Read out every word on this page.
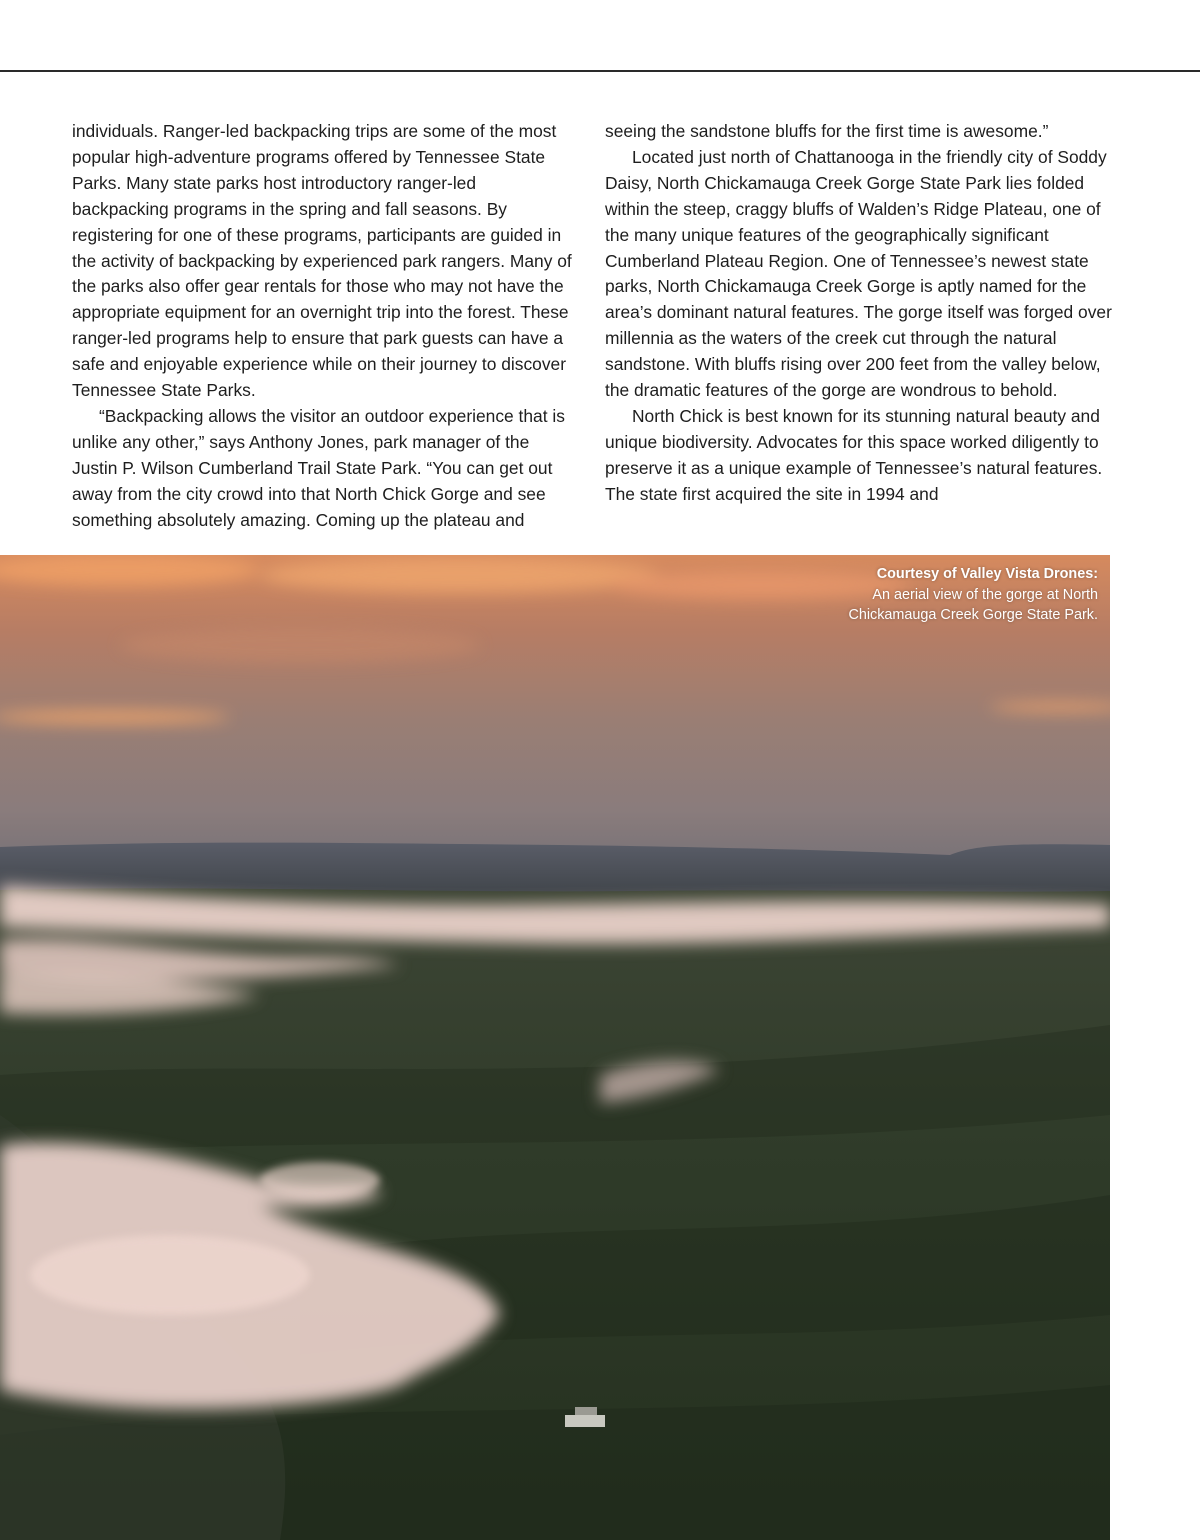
individuals. Ranger-led backpacking trips are some of the most popular high-adventure programs offered by Tennessee State Parks. Many state parks host introductory ranger-led backpacking programs in the spring and fall seasons. By registering for one of these programs, participants are guided in the activity of backpacking by experienced park rangers. Many of the parks also offer gear rentals for those who may not have the appropriate equipment for an overnight trip into the forest. These ranger-led programs help to ensure that park guests can have a safe and enjoyable experience while on their journey to discover Tennessee State Parks.

“Backpacking allows the visitor an outdoor experience that is unlike any other,” says Anthony Jones, park manager of the Justin P. Wilson Cumberland Trail State Park. “You can get out away from the city crowd into that North Chick Gorge and see something absolutely amazing. Coming up the plateau and

seeing the sandstone bluffs for the first time is awesome.”

Located just north of Chattanooga in the friendly city of Soddy Daisy, North Chickamauga Creek Gorge State Park lies folded within the steep, craggy bluffs of Walden’s Ridge Plateau, one of the many unique features of the geographically significant Cumberland Plateau Region. One of Tennessee’s newest state parks, North Chickamauga Creek Gorge is aptly named for the area’s dominant natural features. The gorge itself was forged over millennia as the waters of the creek cut through the natural sandstone. With bluffs rising over 200 feet from the valley below, the dramatic features of the gorge are wondrous to behold.

North Chick is best known for its stunning natural beauty and unique biodiversity. Advocates for this space worked diligently to preserve it as a unique example of Tennessee’s natural features. The state first acquired the site in 1994 and

Courtesy of Valley Vista Drones:
An aerial view of the gorge at North Chickamauga Creek Gorge State Park.
